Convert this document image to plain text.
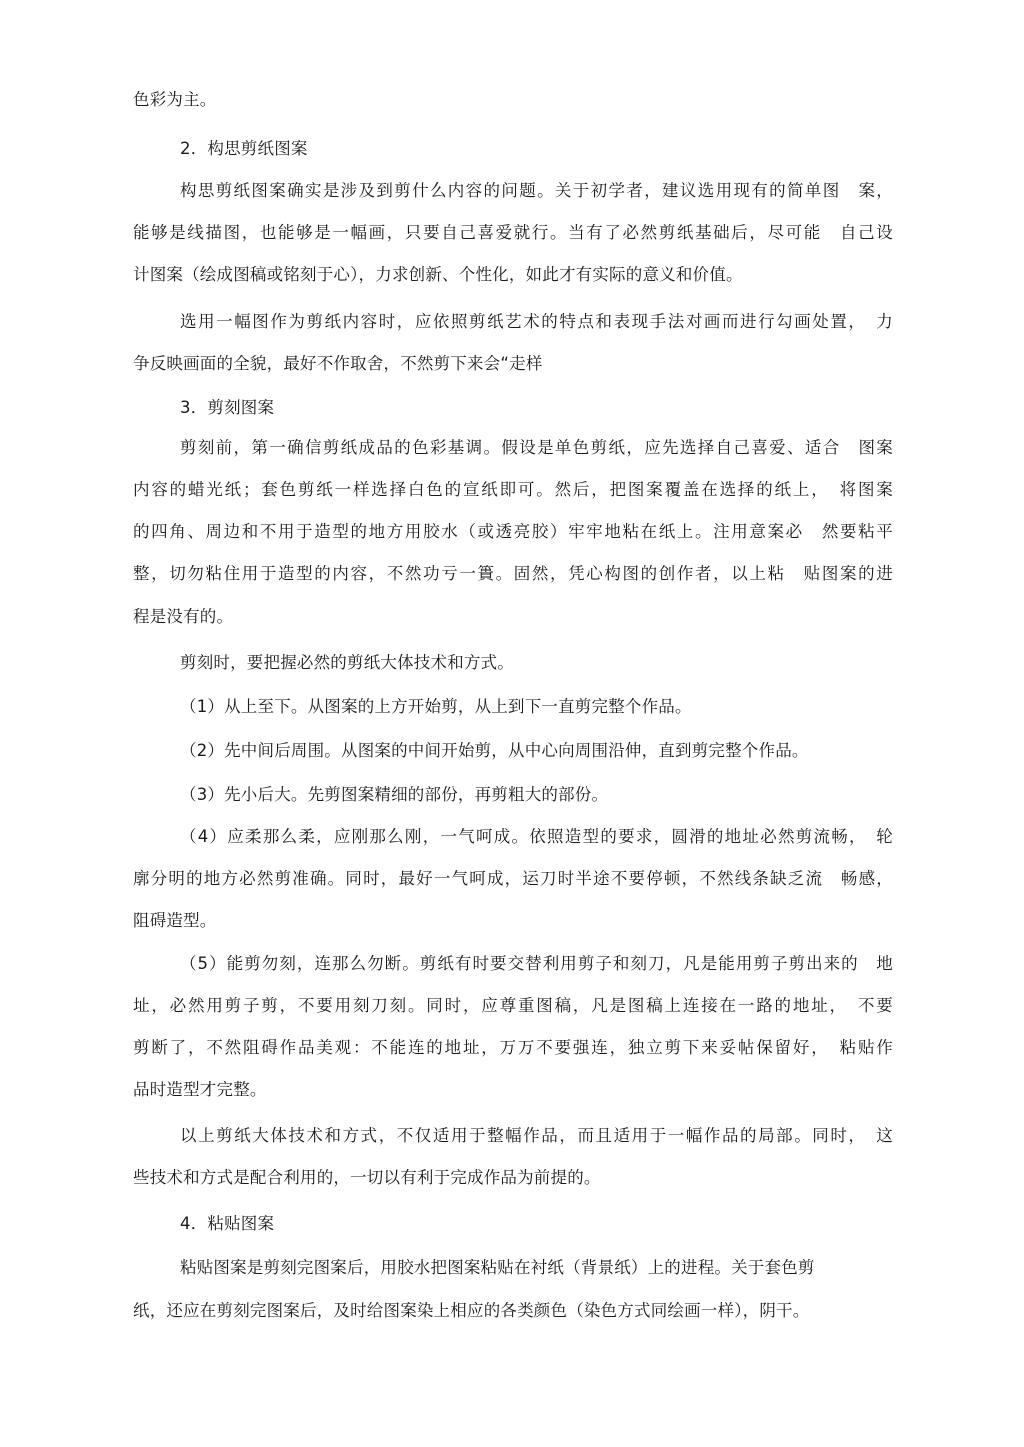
色彩为主。
2．构思剪纸图案
构思剪纸图案确实是涉及到剪什么内容的问题。关于初学者，建议选用现有的简单图　案，
能够是线描图，也能够是一幅画，只要自己喜爱就行。当有了必然剪纸基础后，尽可能　自己设
计图案（绘成图稿或铭刻于心），力求创新、个性化，如此才有实际的意义和价值。
选用一幅图作为剪纸内容时，应依照剪纸艺术的特点和表现手法对画而进行勾画处置，　力
争反映画面的全貌，最好不作取舍，不然剪下来会“走样
3．剪刻图案
剪刻前，第一确信剪纸成品的色彩基调。假设是单色剪纸，应先选择自己喜爱、适合　图案
内容的蜡光纸；套色剪纸一样选择白色的宣纸即可。然后，把图案覆盖在选择的纸上，　将图案
的四角、周边和不用于造型的地方用胶水（或透亮胶）牢牢地粘在纸上。注用意案必　然要粘平
整，切勿粘住用于造型的内容，不然功亏一簣。固然，凭心构图的创作者，以上粘　贴图案的进
程是没有的。
剪刻时，要把握必然的剪纸大体技术和方式。
（1）从上至下。从图案的上方开始剪，从上到下一直剪完整个作品。
（2）先中间后周围。从图案的中间开始剪，从中心向周围沿伸，直到剪完整个作品。
（3）先小后大。先剪图案精细的部份，再剪粗大的部份。
（4）应柔那么柔，应刚那么刚，一气呵成。依照造型的要求，圆滑的地址必然剪流畅，　轮
廓分明的地方必然剪准确。同时，最好一气呵成，运刀时半途不要停顿，不然线条缺乏流　畅感，
阻碍造型。
（5）能剪勿刻，连那么勿断。剪纸有时要交替利用剪子和刻刀，凡是能用剪子剪出来的　地
址，必然用剪子剪，不要用刻刀刻。同时，应尊重图稿，凡是图稿上连接在一路的地址，　不要
剪断了，不然阻碍作品美观：不能连的地址，万万不要强连，独立剪下来妥帖保留好，　粘贴作
品时造型才完整。
以上剪纸大体技术和方式，不仅适用于整幅作品，而且适用于一幅作品的局部。同时，　这
些技术和方式是配合利用的，一切以有利于完成作品为前提的。
4．粘贴图案
粘贴图案是剪刻完图案后，用胶水把图案粘贴在衬纸（背景纸）上的进程。关于套色剪
纸，还应在剪刻完图案后，及时给图案染上相应的各类颜色（染色方式同绘画一样），阴干。
